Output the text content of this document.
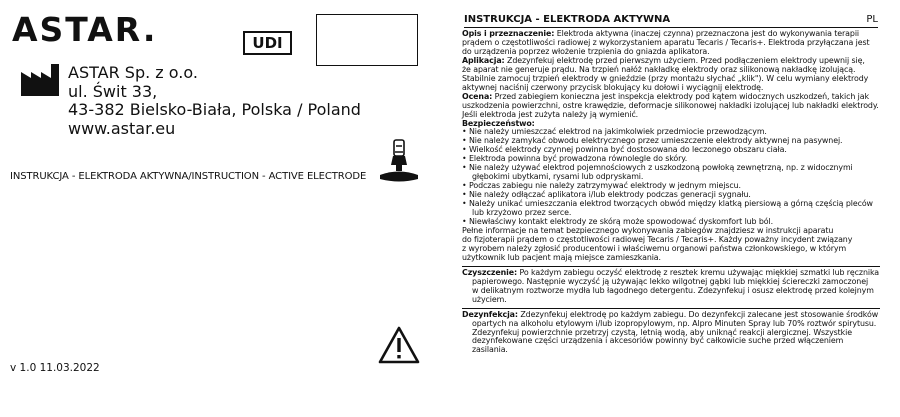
ASTAR.	UDI
ASTAR Sp. z o.o.
ul. Świt 33,
43-382 Bielsko-Biała, Polska / Poland
www.astar.eu
INSTRUKCJA - ELEKTRODA AKTYWNA/INSTRUCTION - ACTIVE ELECTRODE
v 1.0 11.03.2022
INSTRUKCJA - ELEKTRODA AKTYWNA	PL

Opis i przeznaczenie: Elektroda aktywna (inaczej czynna) przeznaczona jest do wykonywania terapii

prądem o częstotliwości radiowej z wykorzystaniem aparatu Tecaris / Tecaris+. Elektroda przyłączana jest

do urządzenia poprzez włożenie trzpienia do gniazda aplikatora.

Aplikacja: Zdezynfekuj elektrodę przed pierwszym użyciem. Przed podłączeniem elektrody upewnij się,

że aparat nie generuje prądu. Na trzpień nałóż nakładkę elektrody oraz silikonową nakładkę izolującą.

Stabilnie zamocuj trzpień elektrody w gnieździe (przy montażu słychać „klik"). W celu wymiany elektrody

aktywnej naciśnij czerwony przycisk blokujący ku dołowi i wyciągnij elektrodę.

Ocena: Przed zabiegiem konieczna jest inspekcja elektrody pod kątem widocznych uszkodzeń, takich jak

uszkodzenia powierzchni, ostre krawędzie, deformacje silikonowej nakładki izolującej lub nakładki elektrody.

Jeśli elektroda jest zużyta należy ją wymienić.

Bezpieczeństwo:

• Nie należy umieszczać elektrod na jakimkolwiek przedmiocie przewodzącym.

• Nie należy zamykać obwodu elektrycznego przez umieszczenie elektrody aktywnej na pasywnej.

• Wielkość elektrody czynnej powinna być dostosowana do leczonego obszaru ciała.

• Elektroda powinna być prowadzona równolegle do skóry.

• Nie należy używać elektrod pojemnościowych z uszkodzoną powłoką zewnętrzną, np. z widocznymi

głębokimi ubytkami, rysami lub odpryskami.

• Podczas zabiegu nie należy zatrzymywać elektrody w jednym miejscu.

• Nie należy odłączać aplikatora i/lub elektrody podczas generacji sygnału.

• Należy unikać umieszczania elektrod tworzących obwód między klatką piersiową a górną częścią pleców

lub krzyżowo przez serce.

• Niewłaściwy kontakt elektrody ze skórą może spowodować dyskomfort lub ból.

Pełne informacje na temat bezpiecznego wykonywania zabiegów znajdziesz w instrukcji aparatu

do fizjoterapii prądem o częstotliwości radiowej Tecaris / Tecaris+. Każdy poważny incydent związany

z wyrobem należy zgłosić producentowi i właściwemu organowi państwa członkowskiego, w którym

użytkownik lub pacjent mają miejsce zamieszkania.

Czyszczenie: Po każdym zabiegu oczyść elektrodę z resztek kremu używając miękkiej szmatki lub ręcznika

papierowego. Następnie wyczyść ją używając lekko wilgotnej gąbki lub miękkiej ściereczki zamoczonej

w delikatnym roztworze mydła lub łagodnego detergentu. Zdezynfekuj i osusz elektrodę przed kolejnym

użyciem.

Dezynfekcja: Zdezynfekuj elektrodę po każdym zabiegu. Do dezynfekcji zalecane jest stosowanie środków

opartych na alkoholu etylowym i/lub izopropylowym, np. Alpro Minuten Spray lub 70% roztwór spirytusu.

Zdezynfekuj powierzchnie przetrzyj czystą, letnią wodą, aby uniknąć reakcji alergicznej. Wszystkie

dezynfekowane części urządzenia i akcesoriów powinny być całkowicie suche przed włączeniem zasilania.
